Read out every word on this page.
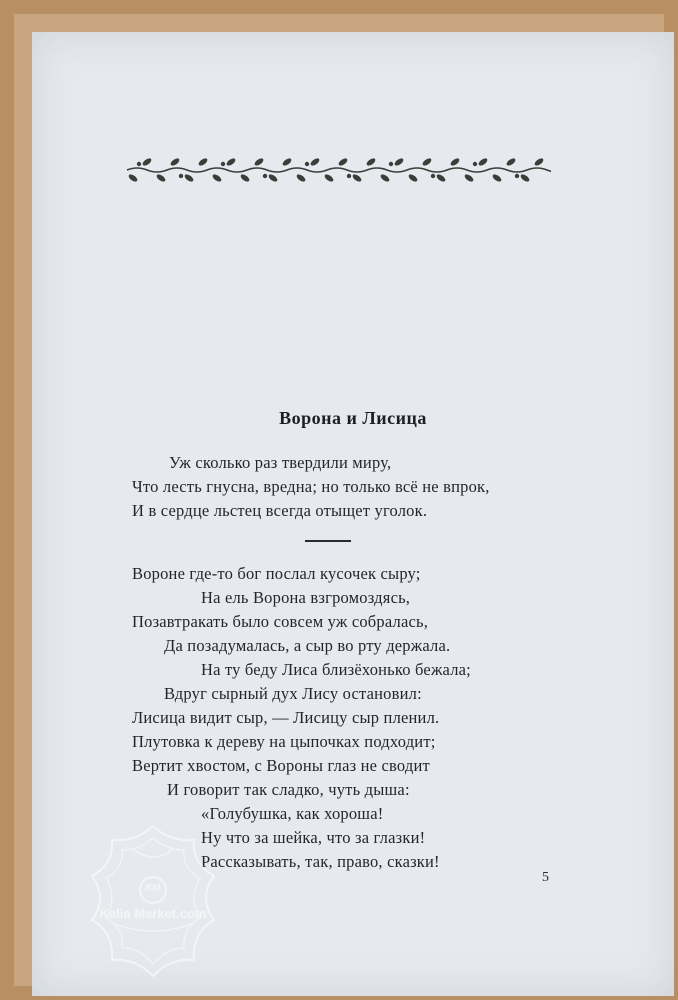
Ворона и Лисица
Уж сколько раз твердили миру,
Что лесть гнусна, вредна; но только всё не впрок,
И в сердце льстец всегда отыщет уголок.
Вороне где-то бог послал кусочек сыру;
На ель Ворона взгромоздясь,
Позавтракать было совсем уж собралась,
Да позадумалась, а сыр во рту держала.
На ту беду Лиса близёхонько бежала;
Вдруг сырный дух Лису остановил:
Лисица видит сыр, — Лисицу сыр пленил.
Плутовка к дереву на цыпочках подходит;
Вертит хвостом, с Вороны глаз не сводит
И говорит так сладко, чуть дыша:
«Голубушка, как хороша!
Ну что за шейка, что за глазки!
Рассказывать, так, право, сказки!
5
KM
Kalia Market.com
